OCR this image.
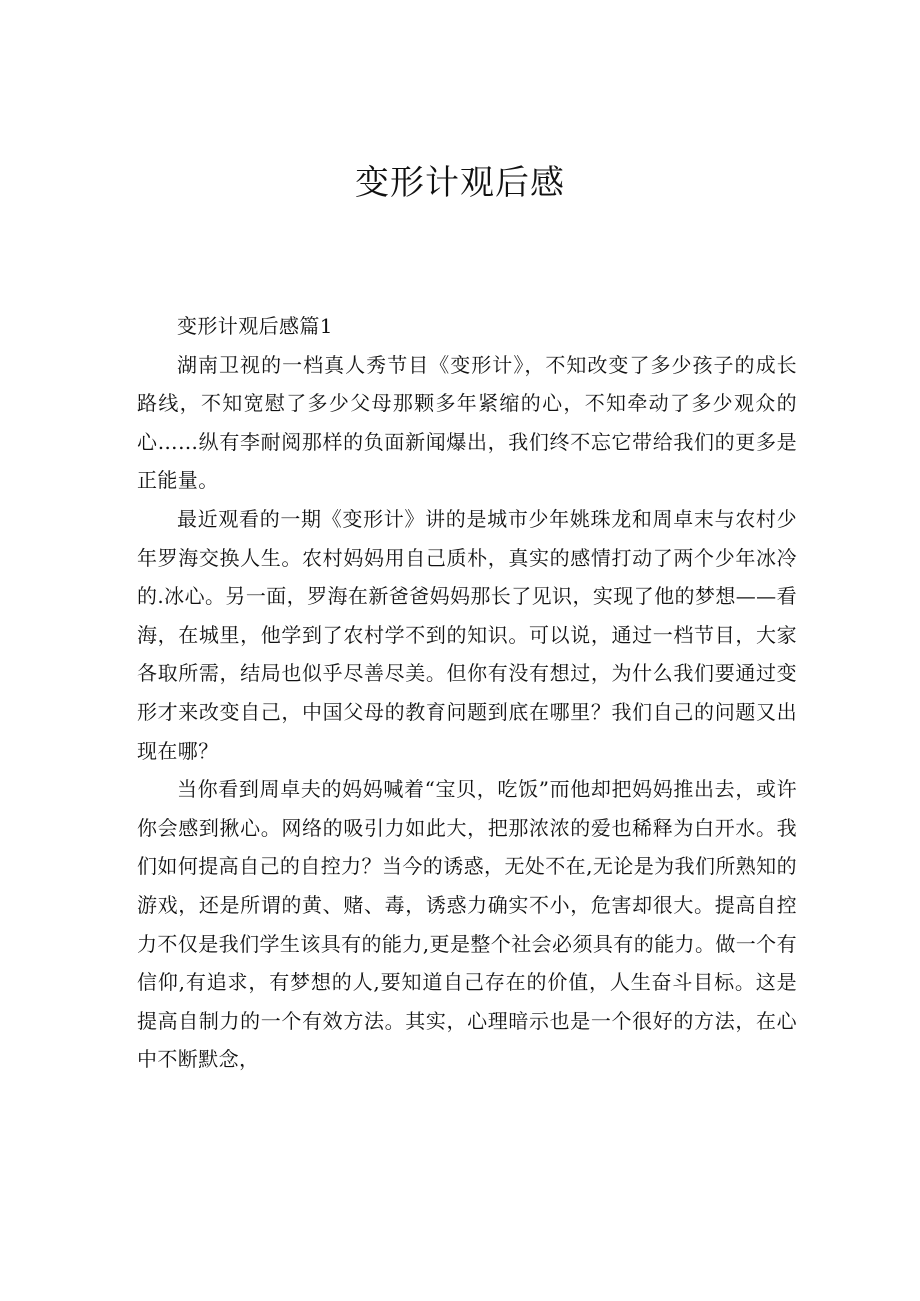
变形计观后感

变形计观后感篇1

湖南卫视的一档真人秀节目《变形计》，不知改变了多少孩子的成长路线，不知宽慰了多少父母那颗多年紧缩的心，不知牵动了多少观众的心……纵有李耐阅那样的负面新闻爆出，我们终不忘它带给我们的更多是正能量。

最近观看的一期《变形计》讲的是城市少年姚珠龙和周卓末与农村少年罗海交换人生。农村妈妈用自己质朴，真实的感情打动了两个少年冰冷的.冰心。另一面，罗海在新爸爸妈妈那长了见识，实现了他的梦想——看海，在城里，他学到了农村学不到的知识。可以说，通过一档节目，大家各取所需，结局也似乎尽善尽美。但你有没有想过，为什么我们要通过变形才来改变自己，中国父母的教育问题到底在哪里？我们自己的问题又出现在哪？

当你看到周卓夫的妈妈喊着“宝贝，吃饭”而他却把妈妈推出去，或许你会感到揪心。网络的吸引力如此大，把那浓浓的爱也稀释为白开水。我们如何提高自己的自控力？当今的诱惑，无处不在,无论是为我们所熟知的游戏，还是所谓的黄、赌、毒，诱惑力确实不小，危害却很大。提高自控力不仅是我们学生该具有的能力,更是整个社会必须具有的能力。做一个有信仰,有追求，有梦想的人,要知道自己存在的价值，人生奋斗目标。这是提高自制力的一个有效方法。其实，心理暗示也是一个很好的方法，在心中不断默念，
